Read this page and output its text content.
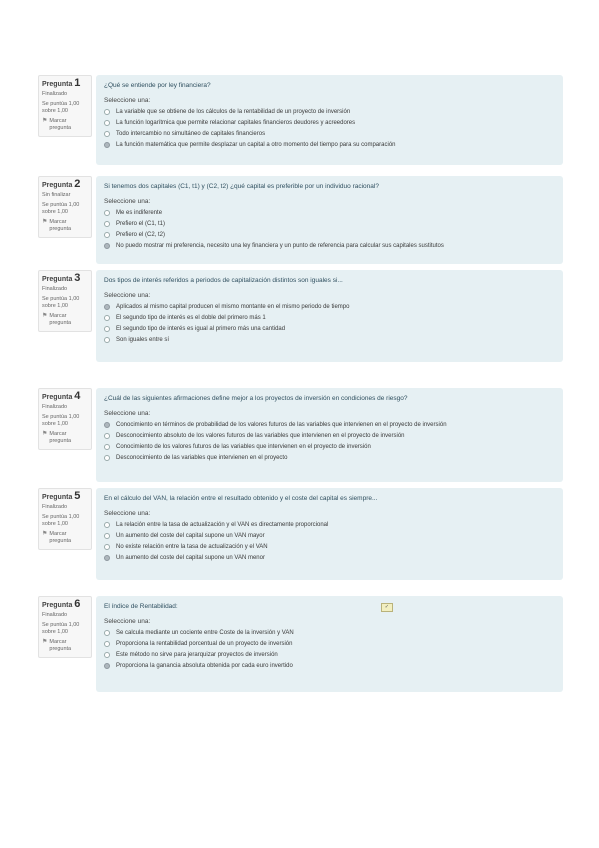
Pregunta 1
Finalizado
Se puntúa 1,00 sobre 1,00
⚑ Marcar pregunta
¿Qué se entiende por ley financiera?
Seleccione una:
La variable que se obtiene de los cálculos de la rentabilidad de un proyecto de inversión
La función logarítmica que permite relacionar capitales financieros deudores y acreedores
Todo intercambio no simultáneo de capitales financieros
La función matemática que permite desplazar un capital a otro momento del tiempo para su comparación
Pregunta 2
Sin finalizar
Se puntúa 1,00 sobre 1,00
⚑ Marcar pregunta
Si tenemos dos capitales (C1, t1) y (C2, t2) ¿qué capital es preferible por un individuo racional?
Seleccione una:
Me es indiferente
Prefiero el (C1, t1)
Prefiero el (C2, t2)
No puedo mostrar mi preferencia, necesito una ley financiera y un punto de referencia para calcular sus capitales sustitutos
Pregunta 3
Finalizado
Se puntúa 1,00 sobre 1,00
⚑ Marcar pregunta
Dos tipos de interés referidos a periodos de capitalización distintos son iguales si...
Seleccione una:
Aplicados al mismo capital producen el mismo montante en el mismo periodo de tiempo
El segundo tipo de interés es el doble del primero más 1
El segundo tipo de interés es igual al primero más una cantidad
Son iguales entre sí
Pregunta 4
Finalizado
Se puntúa 1,00 sobre 1,00
⚑ Marcar pregunta
¿Cuál de las siguientes afirmaciones define mejor a los proyectos de inversión en condiciones de riesgo?
Seleccione una:
Conocimiento en términos de probabilidad de los valores futuros de las variables que intervienen en el proyecto de inversión
Desconocimiento absoluto de los valores futuros de las variables que intervienen en el proyecto de inversión
Conocimiento de los valores futuros de las variables que intervienen en el proyecto de inversión
Desconocimiento de las variables que intervienen en el proyecto
Pregunta 5
Finalizado
Se puntúa 1,00 sobre 1,00
⚑ Marcar pregunta
En el cálculo del VAN, la relación entre el resultado obtenido y el coste del capital es siempre...
Seleccione una:
La relación entre la tasa de actualización y el VAN es directamente proporcional
Un aumento del coste del capital supone un VAN mayor
No existe relación entre la tasa de actualización y el VAN
Un aumento del coste del capital supone un VAN menor
Pregunta 6
Finalizado
Se puntúa 1,00 sobre 1,00
⚑ Marcar pregunta
El índice de Rentabilidad:	✓
Seleccione una:
Se calcula mediante un cociente entre Coste de la inversión y VAN
Proporciona la rentabilidad porcentual de un proyecto de inversión
Este método no sirve para jerarquizar proyectos de inversión
Proporciona la ganancia absoluta obtenida por cada euro invertido
